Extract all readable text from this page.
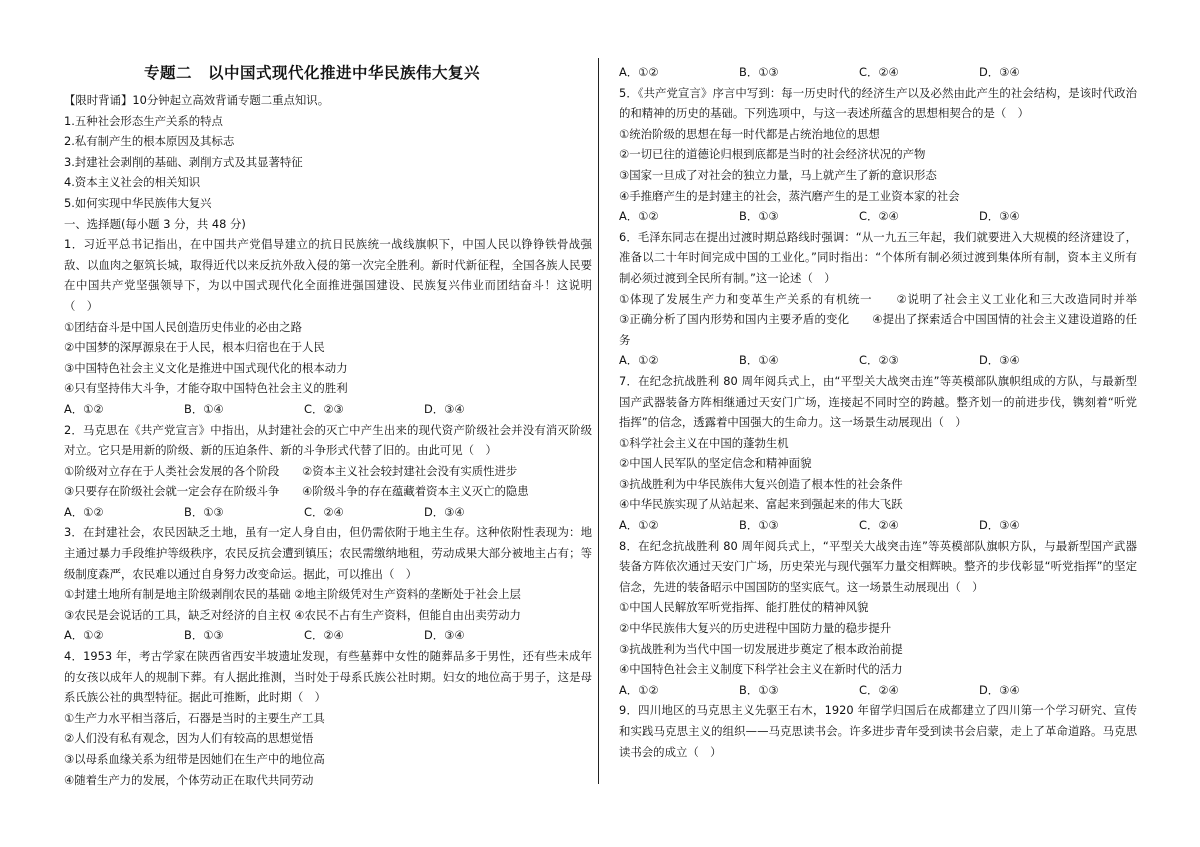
专题二　以中国式现代化推进中华民族伟大复兴
【限时背诵】10分钟起立高效背诵专题二重点知识。
1.五种社会形态生产关系的特点
2.私有制产生的根本原因及其标志
3.封建社会剥削的基础、剥削方式及其显著特征
4.资本主义社会的相关知识
5.如何实现中华民族伟大复兴
一、选择题(每小题 3 分，共 48 分)
1．习近平总书记指出，在中国共产党倡导建立的抗日民族统一战线旗帜下，中国人民以铮铮铁骨战强敌、以血肉之躯筑长城，取得近代以来反抗外敌入侵的第一次完全胜利。新时代新征程，全国各族人民要在中国共产党坚强领导下，为以中国式现代化全面推进强国建设、民族复兴伟业而团结奋斗！这说明（　）
①团结奋斗是中国人民创造历史伟业的必由之路
②中国梦的深厚源泉在于人民，根本归宿也在于人民
③中国特色社会主义文化是推进中国式现代化的根本动力
④只有坚持伟大斗争，才能夺取中国特色社会主义的胜利
A．①②	B．①④	C．②③	D．③④
2．马克思在《共产党宣言》中指出，从封建社会的灭亡中产生出来的现代资产阶级社会并没有消灭阶级对立。它只是用新的阶级、新的压迫条件、新的斗争形式代替了旧的。由此可见（　）
①阶级对立存在于人类社会发展的各个阶段　　②资本主义社会较封建社会没有实质性进步
③只要存在阶级社会就一定会存在阶级斗争　　④阶级斗争的存在蕴藏着资本主义灭亡的隐患
A．①②	B．①③	C．②④	D．③④
3．在封建社会，农民因缺乏土地，虽有一定人身自由，但仍需依附于地主生存。这种依附性表现为：地主通过暴力手段维护等级秩序，农民反抗会遭到镇压；农民需缴纳地租，劳动成果大部分被地主占有；等级制度森严，农民难以通过自身努力改变命运。据此，可以推出（　）
①封建土地所有制是地主阶级剥削农民的基础 ②地主阶级凭对生产资料的垄断处于社会上层
③农民是会说话的工具，缺乏对经济的自主权 ④农民不占有生产资料，但能自由出卖劳动力
A．①②	B．①③	C．②④	D．③④
4．1953 年，考古学家在陕西省西安半坡遗址发现，有些墓葬中女性的随葬品多于男性，还有些未成年的女孩以成年人的规制下葬。有人据此推测，当时处于母系氏族公社时期。妇女的地位高于男子，这是母系氏族公社的典型特征。据此可推断，此时期（　）
①生产力水平相当落后，石器是当时的主要生产工具
②人们没有私有观念，因为人们有较高的思想觉悟
③以母系血缘关系为纽带是因她们在生产中的地位高
④随着生产力的发展，个体劳动正在取代共同劳动
A．①②	B．①③	C．②④	D．③④
5．《共产党宣言》序言中写到：每一历史时代的经济生产以及必然由此产生的社会结构，是该时代政治的和精神的历史的基础。下列选项中，与这一表述所蕴含的思想相契合的是（　）
①统治阶级的思想在每一时代都是占统治地位的思想
②一切已往的道德论归根到底都是当时的社会经济状况的产物
③国家一旦成了对社会的独立力量，马上就产生了新的意识形态
④手推磨产生的是封建主的社会，蒸汽磨产生的是工业资本家的社会
A．①②	B．①③	C．②④	D．③④
6．毛泽东同志在提出过渡时期总路线时强调：“从一九五三年起，我们就要进入大规模的经济建设了，准备以二十年时间完成中国的工业化。”同时指出：“个体所有制必须过渡到集体所有制，资本主义所有制必须过渡到全民所有制。”这一论述（　）
①体现了发展生产力和变革生产关系的有机统一　　②说明了社会主义工业化和三大改造同时并举　　③正确分析了国内形势和国内主要矛盾的变化　　④提出了探索适合中国国情的社会主义建设道路的任务
A．①②	B．①④	C．②③	D．③④
7．在纪念抗战胜利 80 周年阅兵式上，由“平型关大战突击连”等英模部队旗帜组成的方队，与最新型国产武器装备方阵相继通过天安门广场，连接起不同时空的跨越。整齐划一的前进步伐，镌刻着“听党指挥”的信念，透露着中国强大的生命力。这一场景生动展现出（　）
①科学社会主义在中国的蓬勃生机
②中国人民军队的坚定信念和精神面貌
③抗战胜利为中华民族伟大复兴创造了根本性的社会条件
④中华民族实现了从站起来、富起来到强起来的伟大飞跃
A．①②	B．①③	C．②④	D．③④
8．在纪念抗战胜利 80 周年阅兵式上，“平型关大战突击连”等英模部队旗帜方队，与最新型国产武器装备方阵依次通过天安门广场，历史荣光与现代强军力量交相辉映。整齐的步伐彰显“听党指挥”的坚定信念，先进的装备昭示中国国防的坚实底气。这一场景生动展现出（　）
①中国人民解放军听党指挥、能打胜仗的精神风貌
②中华民族伟大复兴的历史进程中国防力量的稳步提升
③抗战胜利为当代中国一切发展进步奠定了根本政治前提
④中国特色社会主义制度下科学社会主义在新时代的活力
A．①②	B．①③	C．②④	D．③④
9．四川地区的马克思主义先驱王右木，1920 年留学归国后在成都建立了四川第一个学习研究、宣传和实践马克思主义的组织——马克思读书会。许多进步青年受到读书会启蒙，走上了革命道路。马克思读书会的成立（　）
